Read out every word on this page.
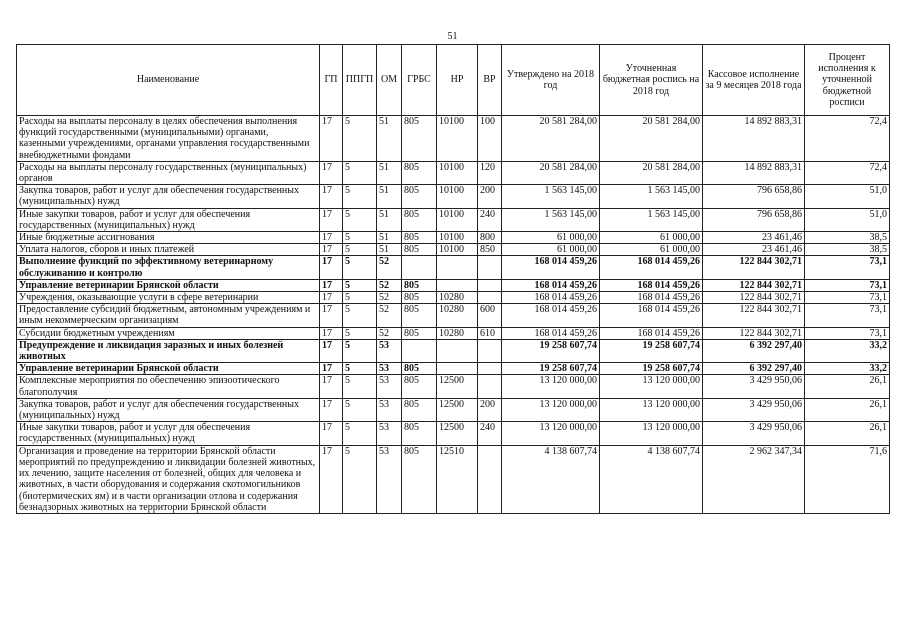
51
Наименование	ГП	ППГП	ОМ	ГРБС	НР	ВР	Утверждено на 2018 год	Уточненная бюджетная роспись на 2018 год	Кассовое исполнение за 9 месяцев 2018 года	Процент исполнения к уточненной бюджетной росписи
Расходы на выплаты персоналу в целях обеспечения выполнения функций государственными (муниципальными) органами, казенными учреждениями, органами управления государственными внебюджетными фондами	17	5	51	805	10100	100	20 581 284,00	20 581 284,00	14 892 883,31	72,4
Расходы на выплаты персоналу государственных (муниципальных) органов	17	5	51	805	10100	120	20 581 284,00	20 581 284,00	14 892 883,31	72,4
Закупка товаров, работ и услуг для обеспечения государственных (муниципальных) нужд	17	5	51	805	10100	200	1 563 145,00	1 563 145,00	796 658,86	51,0
Иные закупки товаров, работ и услуг для обеспечения государственных (муниципальных) нужд	17	5	51	805	10100	240	1 563 145,00	1 563 145,00	796 658,86	51,0
Иные бюджетные ассигнования	17	5	51	805	10100	800	61 000,00	61 000,00	23 461,46	38,5
Уплата налогов, сборов и иных платежей	17	5	51	805	10100	850	61 000,00	61 000,00	23 461,46	38,5
Выполнение функций по эффективному ветеринарному обслуживанию и контролю	17	5	52				168 014 459,26	168 014 459,26	122 844 302,71	73,1
Управление ветеринарии Брянской области	17	5	52	805			168 014 459,26	168 014 459,26	122 844 302,71	73,1
Учреждения, оказывающие услуги в сфере ветеринарии	17	5	52	805	10280		168 014 459,26	168 014 459,26	122 844 302,71	73,1
Предоставление субсидий бюджетным, автономным учреждениям и иным некоммерческим организациям	17	5	52	805	10280	600	168 014 459,26	168 014 459,26	122 844 302,71	73,1
Субсидии бюджетным учреждениям	17	5	52	805	10280	610	168 014 459,26	168 014 459,26	122 844 302,71	73,1
Предупреждение и ликвидация заразных и иных болезней животных	17	5	53				19 258 607,74	19 258 607,74	6 392 297,40	33,2
Управление ветеринарии Брянской области	17	5	53	805			19 258 607,74	19 258 607,74	6 392 297,40	33,2
Комплексные мероприятия по обеспечению эпизоотического благополучия	17	5	53	805	12500		13 120 000,00	13 120 000,00	3 429 950,06	26,1
Закупка товаров, работ и услуг для обеспечения государственных (муниципальных) нужд	17	5	53	805	12500	200	13 120 000,00	13 120 000,00	3 429 950,06	26,1
Иные закупки товаров, работ и услуг для обеспечения государственных (муниципальных) нужд	17	5	53	805	12500	240	13 120 000,00	13 120 000,00	3 429 950,06	26,1
Организация и проведение на территории Брянской области мероприятий по предупреждению и ликвидации болезней животных, их лечению, защите населения от болезней, общих для человека и животных, в части оборудования и содержания скотомогильников (биотермических ям) и в части организации отлова и содержания безнадзорных животных на территории Брянской области	17	5	53	805	12510		4 138 607,74	4 138 607,74	2 962 347,34	71,6
